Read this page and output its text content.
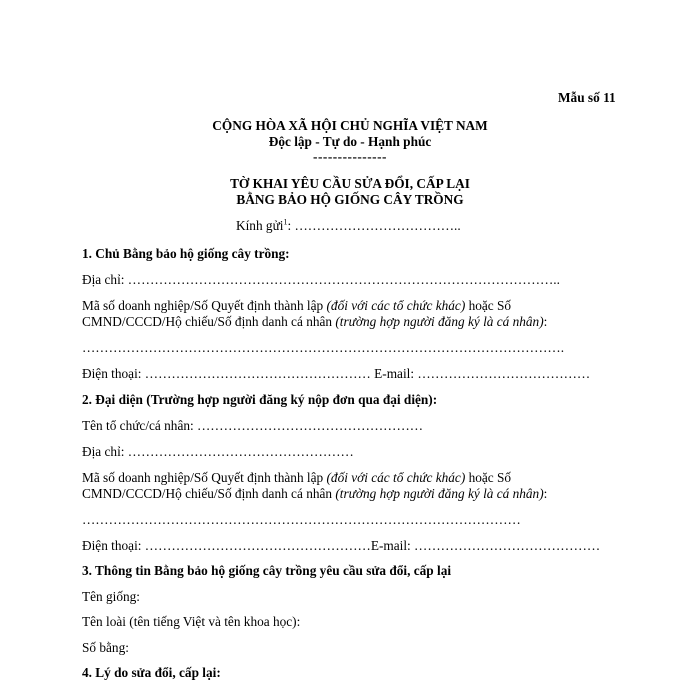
Mẫu số 11
CỘNG HÒA XÃ HỘI CHỦ NGHĨA VIỆT NAM
Độc lập - Tự do - Hạnh phúc
---------------
TỜ KHAI YÊU CẦU SỬA ĐỔI, CẤP LẠI
BẰNG BẢO HỘ GIỐNG CÂY TRỒNG
Kính gửi$^1$: ………………………………..
1. Chủ Bằng bảo hộ giống cây trồng:
Địa chỉ: ……………………………………………………………………………………..
Mã số doanh nghiệp/Số Quyết định thành lập (đối với các tổ chức khác) hoặc Số
CMND/CCCD/Hộ chiếu/Số định danh cá nhân (trường hợp người đăng ký là cá nhân):
……………………………………………………………………………………………….
Điện thoại: …………………………………………… E-mail: …………………………………
2. Đại diện (Trường hợp người đăng ký nộp đơn qua đại diện):
Tên tổ chức/cá nhân: ……………………………………………
Địa chỉ: ……………………………………………
Mã số doanh nghiệp/Số Quyết định thành lập (đối với các tổ chức khác) hoặc Số
CMND/CCCD/Hộ chiếu/Số định danh cá nhân (trường hợp người đăng ký là cá nhân):
………………………………………………………………………………………
Điện thoại: ……………………………………………E-mail: ……………………………………
3. Thông tin Bằng bảo hộ giống cây trồng yêu cầu sửa đổi, cấp lại
Tên giống:
Tên loài (tên tiếng Việt và tên khoa học):
Số bằng:
4. Lý do sửa đổi, cấp lại:
